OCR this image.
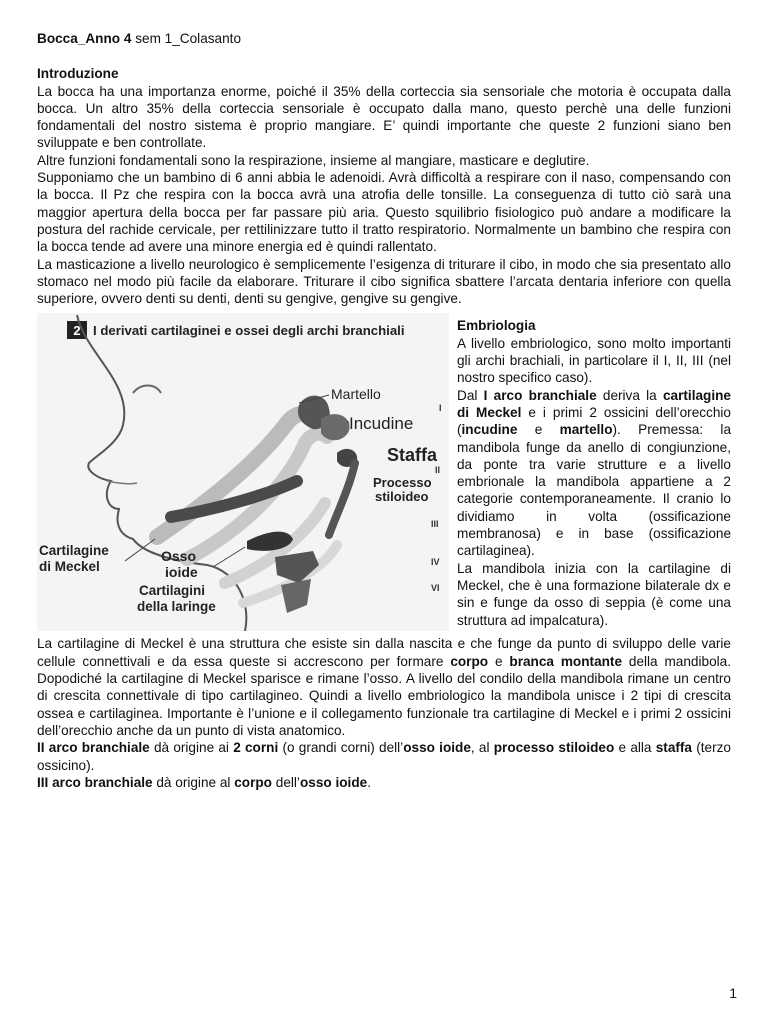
Bocca_Anno 4 sem 1_Colasanto
Introduzione

La bocca ha una importanza enorme, poiché il 35% della corteccia sia sensoriale che motoria è occupata dalla bocca. Un altro 35% della corteccia sensoriale è occupato dalla mano, questo perchè una delle funzioni fondamentali del nostro sistema è proprio mangiare. E’ quindi importante che queste 2 funzioni siano ben sviluppate e ben controllate.

Altre funzioni fondamentali sono la respirazione, insieme al mangiare, masticare e deglutire.

Supponiamo che un bambino di 6 anni abbia le adenoidi. Avrà difficoltà a respirare con il naso, compensando con la bocca. Il Pz che respira con la bocca avrà una atrofia delle tonsille. La conseguenza di tutto ciò sarà una maggior apertura della bocca per far passare più aria. Questo squilibrio fisiologico può andare a modificare la postura del rachide cervicale, per rettilinizzare tutto il tratto respiratorio. Normalmente un bambino che respira con la bocca tende ad avere una minore energia ed è quindi rallentato.

La masticazione a livello neurologico è semplicemente l’esigenza di triturare il cibo, in modo che sia presentato allo stomaco nel modo più facile da elaborare. Triturare il cibo significa sbattere l’arcata dentaria inferiore con quella superiore, ovvero denti su denti, denti su gengive, gengive su gengive.

2 I derivati cartilaginei e ossei degli archi branchiali
Martello
Incudine
Staffa
Processo
stiloideo
Cartilagine
di Meckel
Osso
ioide
Cartilagini
della laringe
I
II
III
IV
VI
Embriologia

A livello embriologico, sono molto importanti gli archi brachiali, in particolare il I, II, III (nel nostro specifico caso).

Dal I arco branchiale deriva la cartilagine di Meckel e i primi 2 ossicini dell’orecchio (incudine e martello). Premessa: la mandibola funge da anello di congiunzione, da ponte tra varie strutture e a livello embrionale la mandibola appartiene a 2 categorie contemporaneamente. Il cranio lo dividiamo in volta (ossificazione membranosa) e in base (ossificazione cartilaginea).

La mandibola inizia con la cartilagine di Meckel, che è una formazione bilaterale dx e sin e funge da osso di seppia (è come una struttura ad impalcatura).

La cartilagine di Meckel è una struttura che esiste sin dalla nascita e che funge da punto di sviluppo delle varie cellule connettivali e da essa queste si accrescono per formare corpo e branca montante della mandibola. Dopodiché la cartilagine di Meckel sparisce e rimane l’osso. A livello del condilo della mandibola rimane un centro di crescita connettivale di tipo cartilagineo. Quindi a livello embriologico la mandibola unisce i 2 tipi di crescita ossea e cartilaginea. Importante è l’unione e il collegamento funzionale tra cartilagine di Meckel e i primi 2 ossicini dell’orecchio anche da un punto di vista anatomico.

II arco branchiale dà origine ai 2 corni (o grandi corni) dell’osso ioide, al processo stiloideo e alla staffa (terzo ossicino).

III arco branchiale dà origine al corpo dell’osso ioide.

1
